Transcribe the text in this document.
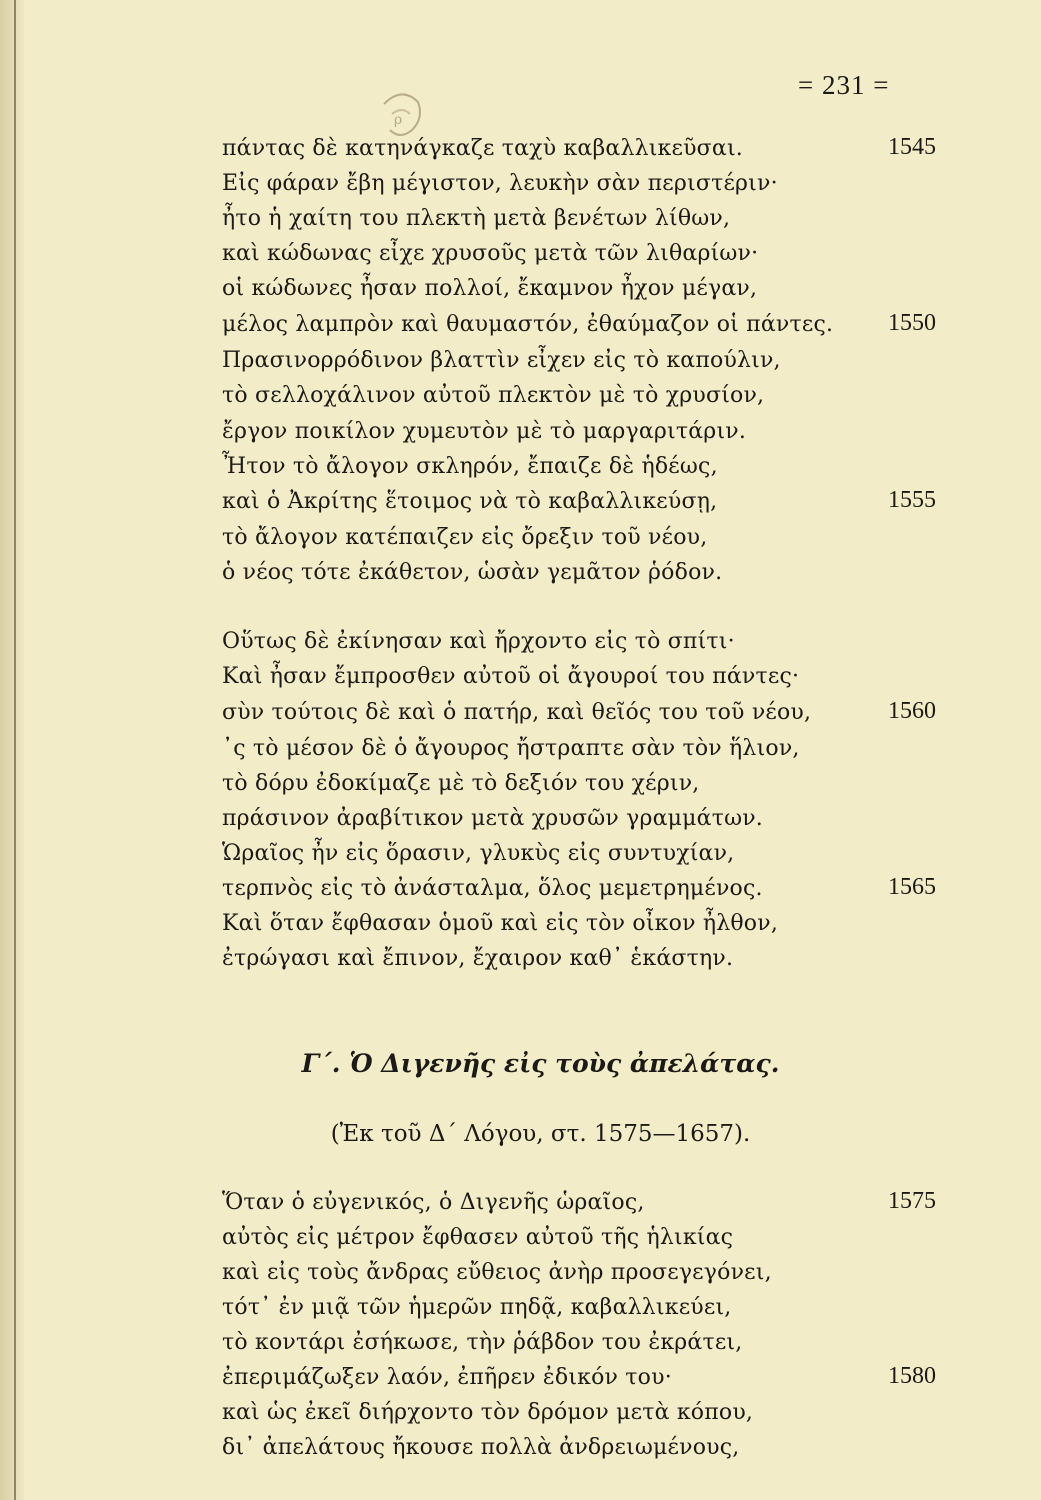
ρ
= 231 =
πάντας δὲ κατηνάγκαζε ταχὺ καβαλλικεῦσαι.	1545
Εἰς φάραν ἔβη μέγιστον, λευκὴν σὰν περιστέριν·
ἦτο ἡ χαίτη του πλεκτὴ μετὰ βενέτων λίθων,
καὶ κώδωνας εἶχε χρυσοῦς μετὰ τῶν λιθαρίων·
οἱ κώδωνες ἦσαν πολλοί, ἔκαμνον ἦχον μέγαν,
μέλος λαμπρὸν καὶ θαυμαστόν, ἐθαύμαζον οἱ πάντες.	1550
Πρασινορρόδινον βλαττὶν εἶχεν εἰς τὸ καπούλιν,
τὸ σελλοχάλινον αὐτοῦ πλεκτὸν μὲ τὸ χρυσίον,
ἔργον ποικίλον χυμευτὸν μὲ τὸ μαργαριτάριν.
Ἦτον τὸ ἄλογον σκληρόν, ἔπαιζε δὲ ἡδέως,
καὶ ὁ Ἀκρίτης ἕτοιμος νὰ τὸ καβαλλικεύσῃ,	1555
τὸ ἄλογον κατέπαιζεν εἰς ὄρεξιν τοῦ νέου,
ὁ νέος τότε ἐκάθετον, ὡσὰν γεμᾶτον ῥόδον.
Οὕτως δὲ ἐκίνησαν καὶ ἤρχοντο εἰς τὸ σπίτι·
Καὶ ἦσαν ἔμπροσθεν αὐτοῦ οἱ ἄγουροί του πάντες·
σὺν τούτοις δὲ καὶ ὁ πατήρ, καὶ θεῖός του τοῦ νέου,	1560
᾽ς τὸ μέσον δὲ ὁ ἄγουρος ἤστραπτε σὰν τὸν ἥλιον,
τὸ δόρυ ἐδοκίμαζε μὲ τὸ δεξιόν του χέριν,
πράσινον ἀραβίτικον μετὰ χρυσῶν γραμμάτων.
Ὡραῖος ἦν εἰς ὅρασιν, γλυκὺς εἰς συντυχίαν,
τερπνὸς εἰς τὸ ἀνάσταλμα, ὅλος μεμετρημένος.	1565
Καὶ ὅταν ἔφθασαν ὁμοῦ καὶ εἰς τὸν οἶκον ἦλθον,
ἐτρώγασι καὶ ἔπινον, ἔχαιρον καθ᾽ ἑκάστην.
Γ΄. Ὁ Διγενῆς εἰς τοὺς ἀπελάτας.
(Ἐκ τοῦ Δ΄ Λόγου, στ. 1575—1657).
Ὅταν ὁ εὐγενικός, ὁ Διγενῆς ὡραῖος,	1575
αὐτὸς εἰς μέτρον ἔφθασεν αὐτοῦ τῆς ἡλικίας
καὶ εἰς τοὺς ἄνδρας εὔθειος ἀνὴρ προσεγεγόνει,
τότ᾽ ἐν μιᾷ τῶν ἡμερῶν πηδᾷ, καβαλλικεύει,
τὸ κοντάρι ἐσήκωσε, τὴν ῥάβδον του ἐκράτει,
ἐπεριμάζωξεν λαόν, ἐπῆρεν ἐδικόν του·	1580
καὶ ὡς ἐκεῖ διήρχοντο τὸν δρόμον μετὰ κόπου,
δι᾽ ἀπελάτους ἤκουσε πολλὰ ἀνδρειωμένους,
